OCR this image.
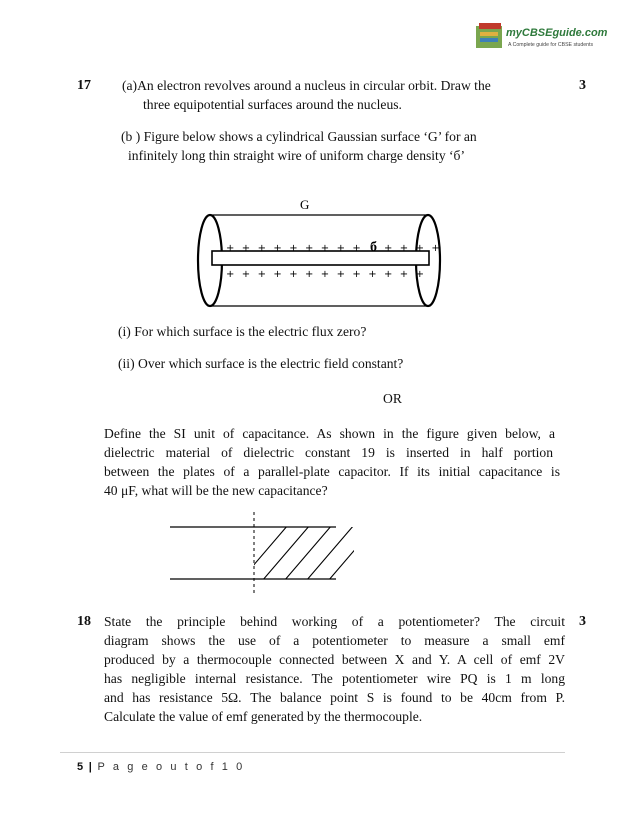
myCBSEguide.com
A Complete guide for CBSE students
17	3
(a)An electron revolves around a nucleus in circular orbit. Draw the
three equipotential surfaces around the nucleus.
(b ) Figure below shows a cylindrical Gaussian surface ‘G’ for an
infinitely long thin straight wire of uniform charge density ‘б’
G
+ + + + + + + + + + + + +
+ + + + + + + + + + + + +
б
(i) For which surface is the electric flux zero?
(ii) Over which surface is the electric field constant?
OR
Define the SI unit of capacitance. As shown in the figure given below, a
dielectric material of dielectric constant 19 is inserted in half portion
between the plates of a parallel-plate capacitor. If its initial capacitance is
40 μF, what will be the new capacitance?
18	3
State the principle behind working of a potentiometer? The circuit
diagram shows the use of a potentiometer to measure a small emf
produced by a thermocouple connected between X and Y. A cell of emf 2V
has negligible internal resistance. The potentiometer wire PQ is 1 m long
and has resistance 5Ω. The balance point S is found to be 40cm from P.
Calculate the value of emf generated by the thermocouple.
5 | P a g e o u t o f 1 0
